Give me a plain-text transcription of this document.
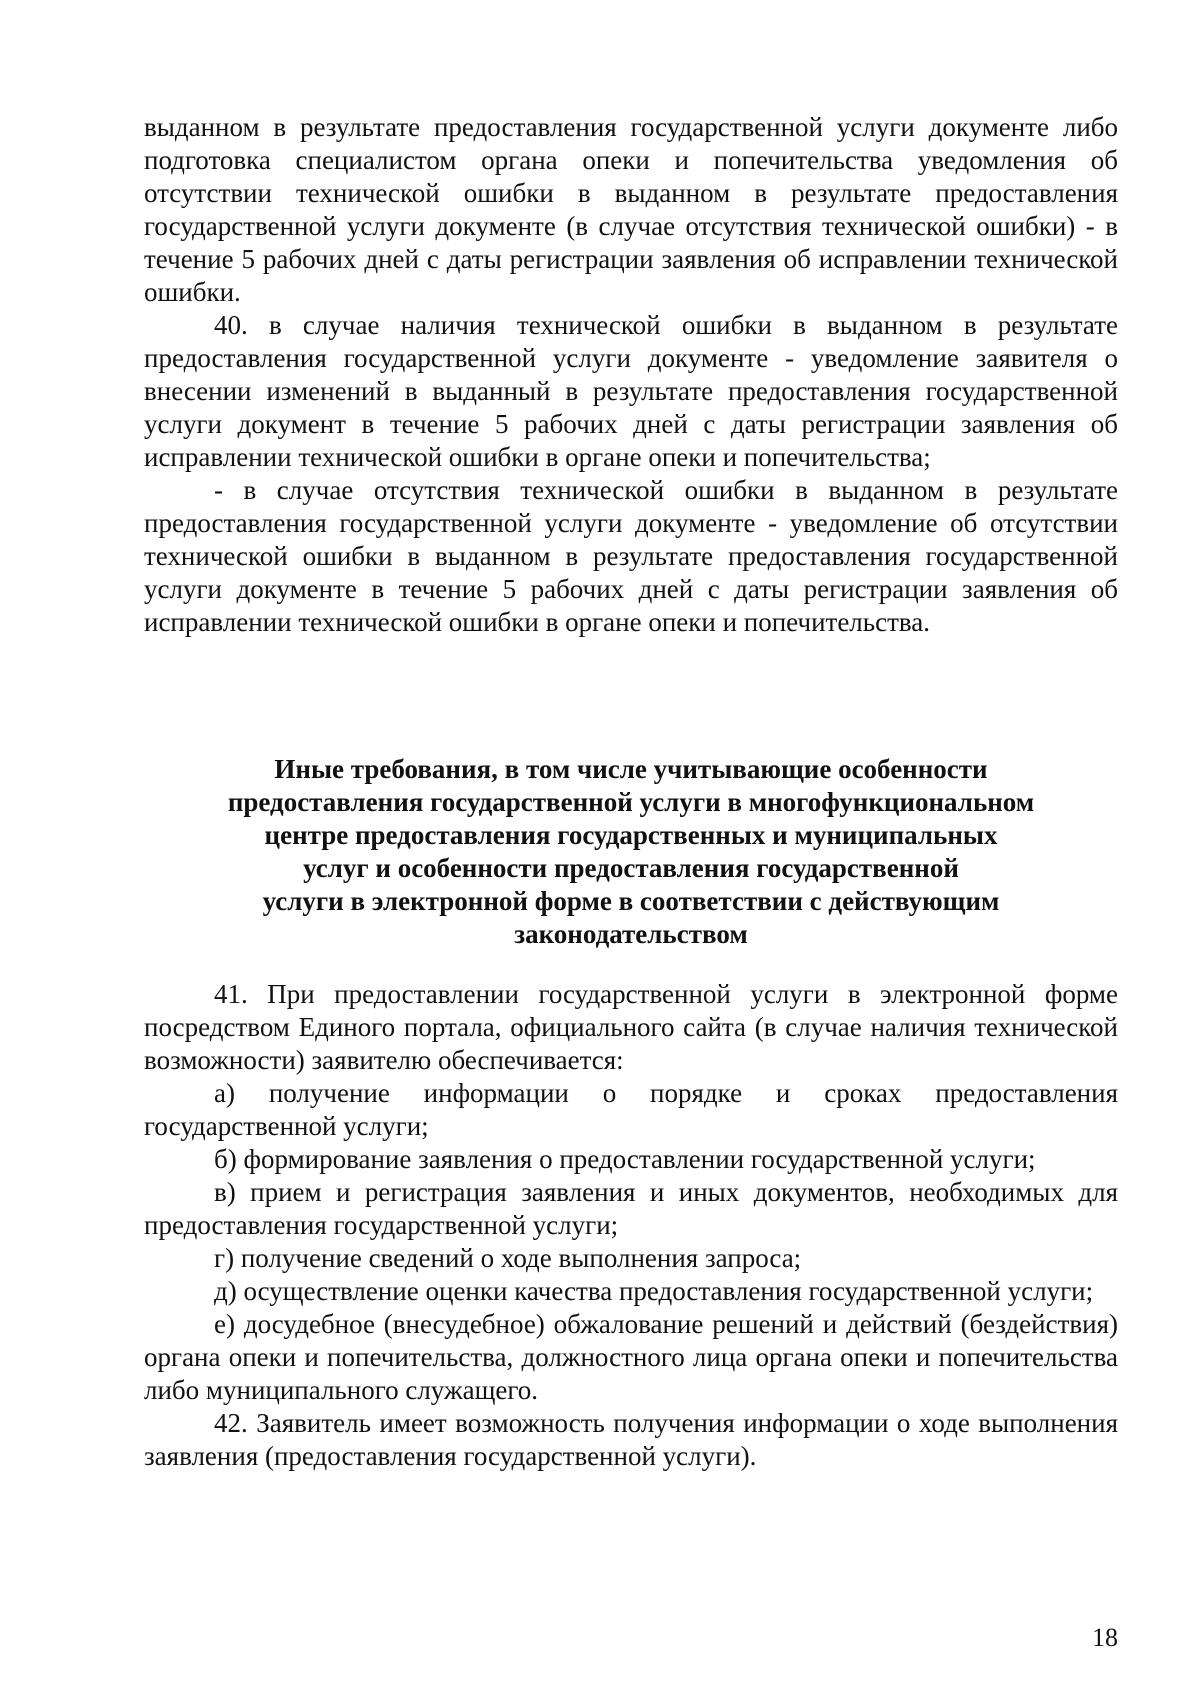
выданном в результате предоставления государственной услуги документе либо подготовка специалистом органа опеки и попечительства уведомления об отсутствии технической ошибки в выданном в результате предоставления государственной услуги документе (в случае отсутствия технической ошибки) - в течение 5 рабочих дней с даты регистрации заявления об исправлении технической ошибки.

40. в случае наличия технической ошибки в выданном в результате предоставления государственной услуги документе - уведомление заявителя о внесении изменений в выданный в результате предоставления государственной услуги документ в течение 5 рабочих дней с даты регистрации заявления об исправлении технической ошибки в органе опеки и попечительства;

- в случае отсутствия технической ошибки в выданном в результате предоставления государственной услуги документе - уведомление об отсутствии технической ошибки в выданном в результате предоставления государственной услуги документе в течение 5 рабочих дней с даты регистрации заявления об исправлении технической ошибки в органе опеки и попечительства.

Иные требования, в том числе учитывающие особенности
предоставления государственной услуги в многофункциональном
центре предоставления государственных и муниципальных
услуг и особенности предоставления государственной
услуги в электронной форме в соответствии с действующим
законодательством

41. При предоставлении государственной услуги в электронной форме посредством Единого портала, официального сайта (в случае наличия технической возможности) заявителю обеспечивается:

а) получение информации о порядке и сроках предоставления государственной услуги;

б) формирование заявления о предоставлении государственной услуги;

в) прием и регистрация заявления и иных документов, необходимых для предоставления государственной услуги;

г) получение сведений о ходе выполнения запроса;

д) осуществление оценки качества предоставления государственной услуги;

е) досудебное (внесудебное) обжалование решений и действий (бездействия) органа опеки и попечительства, должностного лица органа опеки и попечительства либо муниципального служащего.

42. Заявитель имеет возможность получения информации о ходе выполнения заявления (предоставления государственной услуги).

18
